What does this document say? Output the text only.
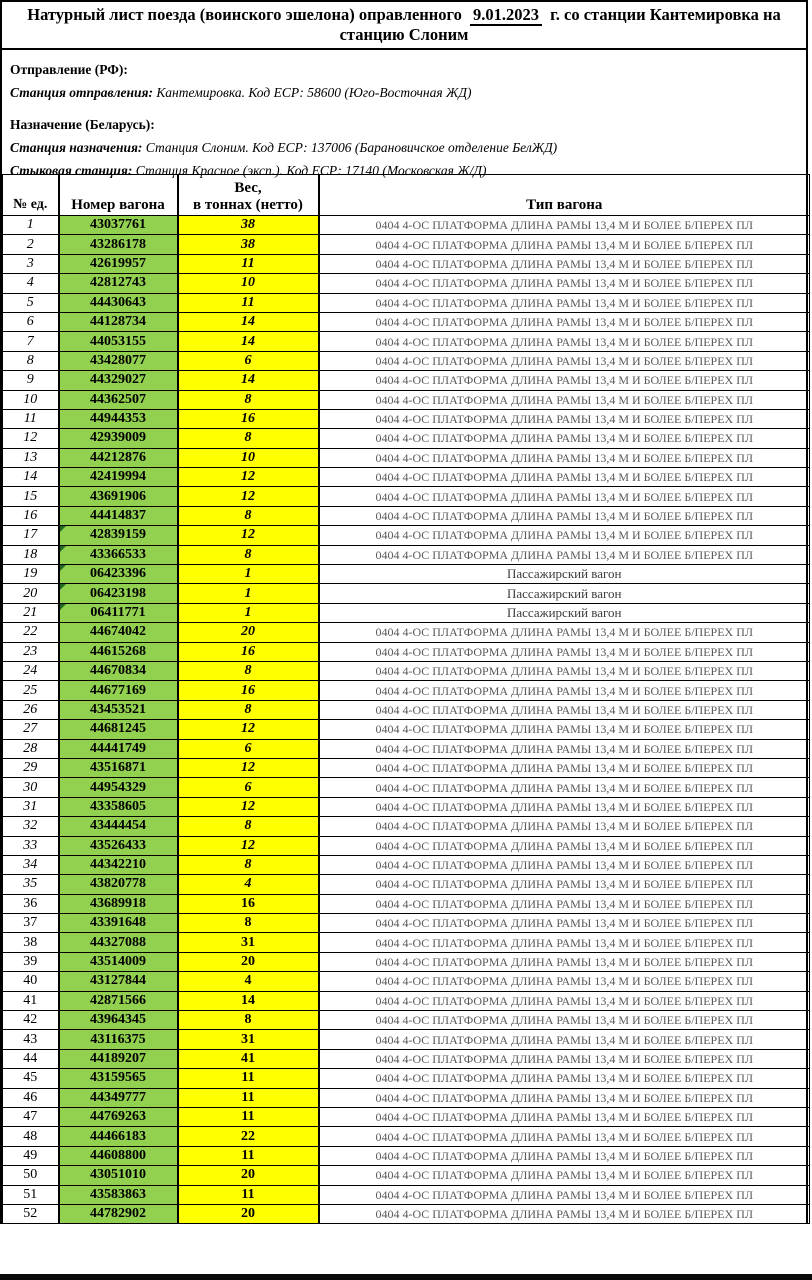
Натурный лист поезда (воинского эшелона) оправленного 9.01.2023 г. со станции Кантемировка на станцию Слоним
Отправление (РФ):
Станция отправления: Кантемировка. Код ЕСР: 58600 (Юго-Восточная ЖД)
Назначение (Беларусь):
Станция назначения: Станция Слоним. Код ЕСР: 137006 (Барановичское отделение БелЖД)
Стыковая станция: Станция Красное (эксп.). Код ЕСР: 17140 (Московская Ж/Д)
№ ед.	Номер вагона	Вес,
в тоннах (нетто)	Тип вагона
1	43037761	38	0404 4-ОС ПЛАТФОРМА ДЛИНА РАМЫ 13,4 М И БОЛЕЕ Б/ПЕРЕХ ПЛ
2	43286178	38	0404 4-ОС ПЛАТФОРМА ДЛИНА РАМЫ 13,4 М И БОЛЕЕ Б/ПЕРЕХ ПЛ
3	42619957	11	0404 4-ОС ПЛАТФОРМА ДЛИНА РАМЫ 13,4 М И БОЛЕЕ Б/ПЕРЕХ ПЛ
4	42812743	10	0404 4-ОС ПЛАТФОРМА ДЛИНА РАМЫ 13,4 М И БОЛЕЕ Б/ПЕРЕХ ПЛ
5	44430643	11	0404 4-ОС ПЛАТФОРМА ДЛИНА РАМЫ 13,4 М И БОЛЕЕ Б/ПЕРЕХ ПЛ
6	44128734	14	0404 4-ОС ПЛАТФОРМА ДЛИНА РАМЫ 13,4 М И БОЛЕЕ Б/ПЕРЕХ ПЛ
7	44053155	14	0404 4-ОС ПЛАТФОРМА ДЛИНА РАМЫ 13,4 М И БОЛЕЕ Б/ПЕРЕХ ПЛ
8	43428077	6	0404 4-ОС ПЛАТФОРМА ДЛИНА РАМЫ 13,4 М И БОЛЕЕ Б/ПЕРЕХ ПЛ
9	44329027	14	0404 4-ОС ПЛАТФОРМА ДЛИНА РАМЫ 13,4 М И БОЛЕЕ Б/ПЕРЕХ ПЛ
10	44362507	8	0404 4-ОС ПЛАТФОРМА ДЛИНА РАМЫ 13,4 М И БОЛЕЕ Б/ПЕРЕХ ПЛ
11	44944353	16	0404 4-ОС ПЛАТФОРМА ДЛИНА РАМЫ 13,4 М И БОЛЕЕ Б/ПЕРЕХ ПЛ
12	42939009	8	0404 4-ОС ПЛАТФОРМА ДЛИНА РАМЫ 13,4 М И БОЛЕЕ Б/ПЕРЕХ ПЛ
13	44212876	10	0404 4-ОС ПЛАТФОРМА ДЛИНА РАМЫ 13,4 М И БОЛЕЕ Б/ПЕРЕХ ПЛ
14	42419994	12	0404 4-ОС ПЛАТФОРМА ДЛИНА РАМЫ 13,4 М И БОЛЕЕ Б/ПЕРЕХ ПЛ
15	43691906	12	0404 4-ОС ПЛАТФОРМА ДЛИНА РАМЫ 13,4 М И БОЛЕЕ Б/ПЕРЕХ ПЛ
16	44414837	8	0404 4-ОС ПЛАТФОРМА ДЛИНА РАМЫ 13,4 М И БОЛЕЕ Б/ПЕРЕХ ПЛ
17	42839159	12	0404 4-ОС ПЛАТФОРМА ДЛИНА РАМЫ 13,4 М И БОЛЕЕ Б/ПЕРЕХ ПЛ
18	43366533	8	0404 4-ОС ПЛАТФОРМА ДЛИНА РАМЫ 13,4 М И БОЛЕЕ Б/ПЕРЕХ ПЛ
19	06423396	1	Пассажирский вагон
20	06423198	1	Пассажирский вагон
21	06411771	1	Пассажирский вагон
22	44674042	20	0404 4-ОС ПЛАТФОРМА ДЛИНА РАМЫ 13,4 М И БОЛЕЕ Б/ПЕРЕХ ПЛ
23	44615268	16	0404 4-ОС ПЛАТФОРМА ДЛИНА РАМЫ 13,4 М И БОЛЕЕ Б/ПЕРЕХ ПЛ
24	44670834	8	0404 4-ОС ПЛАТФОРМА ДЛИНА РАМЫ 13,4 М И БОЛЕЕ Б/ПЕРЕХ ПЛ
25	44677169	16	0404 4-ОС ПЛАТФОРМА ДЛИНА РАМЫ 13,4 М И БОЛЕЕ Б/ПЕРЕХ ПЛ
26	43453521	8	0404 4-ОС ПЛАТФОРМА ДЛИНА РАМЫ 13,4 М И БОЛЕЕ Б/ПЕРЕХ ПЛ
27	44681245	12	0404 4-ОС ПЛАТФОРМА ДЛИНА РАМЫ 13,4 М И БОЛЕЕ Б/ПЕРЕХ ПЛ
28	44441749	6	0404 4-ОС ПЛАТФОРМА ДЛИНА РАМЫ 13,4 М И БОЛЕЕ Б/ПЕРЕХ ПЛ
29	43516871	12	0404 4-ОС ПЛАТФОРМА ДЛИНА РАМЫ 13,4 М И БОЛЕЕ Б/ПЕРЕХ ПЛ
30	44954329	6	0404 4-ОС ПЛАТФОРМА ДЛИНА РАМЫ 13,4 М И БОЛЕЕ Б/ПЕРЕХ ПЛ
31	43358605	12	0404 4-ОС ПЛАТФОРМА ДЛИНА РАМЫ 13,4 М И БОЛЕЕ Б/ПЕРЕХ ПЛ
32	43444454	8	0404 4-ОС ПЛАТФОРМА ДЛИНА РАМЫ 13,4 М И БОЛЕЕ Б/ПЕРЕХ ПЛ
33	43526433	12	0404 4-ОС ПЛАТФОРМА ДЛИНА РАМЫ 13,4 М И БОЛЕЕ Б/ПЕРЕХ ПЛ
34	44342210	8	0404 4-ОС ПЛАТФОРМА ДЛИНА РАМЫ 13,4 М И БОЛЕЕ Б/ПЕРЕХ ПЛ
35	43820778	4	0404 4-ОС ПЛАТФОРМА ДЛИНА РАМЫ 13,4 М И БОЛЕЕ Б/ПЕРЕХ ПЛ
36	43689918	16	0404 4-ОС ПЛАТФОРМА ДЛИНА РАМЫ 13,4 М И БОЛЕЕ Б/ПЕРЕХ ПЛ
37	43391648	8	0404 4-ОС ПЛАТФОРМА ДЛИНА РАМЫ 13,4 М И БОЛЕЕ Б/ПЕРЕХ ПЛ
38	44327088	31	0404 4-ОС ПЛАТФОРМА ДЛИНА РАМЫ 13,4 М И БОЛЕЕ Б/ПЕРЕХ ПЛ
39	43514009	20	0404 4-ОС ПЛАТФОРМА ДЛИНА РАМЫ 13,4 М И БОЛЕЕ Б/ПЕРЕХ ПЛ
40	43127844	4	0404 4-ОС ПЛАТФОРМА ДЛИНА РАМЫ 13,4 М И БОЛЕЕ Б/ПЕРЕХ ПЛ
41	42871566	14	0404 4-ОС ПЛАТФОРМА ДЛИНА РАМЫ 13,4 М И БОЛЕЕ Б/ПЕРЕХ ПЛ
42	43964345	8	0404 4-ОС ПЛАТФОРМА ДЛИНА РАМЫ 13,4 М И БОЛЕЕ Б/ПЕРЕХ ПЛ
43	43116375	31	0404 4-ОС ПЛАТФОРМА ДЛИНА РАМЫ 13,4 М И БОЛЕЕ Б/ПЕРЕХ ПЛ
44	44189207	41	0404 4-ОС ПЛАТФОРМА ДЛИНА РАМЫ 13,4 М И БОЛЕЕ Б/ПЕРЕХ ПЛ
45	43159565	11	0404 4-ОС ПЛАТФОРМА ДЛИНА РАМЫ 13,4 М И БОЛЕЕ Б/ПЕРЕХ ПЛ
46	44349777	11	0404 4-ОС ПЛАТФОРМА ДЛИНА РАМЫ 13,4 М И БОЛЕЕ Б/ПЕРЕХ ПЛ
47	44769263	11	0404 4-ОС ПЛАТФОРМА ДЛИНА РАМЫ 13,4 М И БОЛЕЕ Б/ПЕРЕХ ПЛ
48	44466183	22	0404 4-ОС ПЛАТФОРМА ДЛИНА РАМЫ 13,4 М И БОЛЕЕ Б/ПЕРЕХ ПЛ
49	44608800	11	0404 4-ОС ПЛАТФОРМА ДЛИНА РАМЫ 13,4 М И БОЛЕЕ Б/ПЕРЕХ ПЛ
50	43051010	20	0404 4-ОС ПЛАТФОРМА ДЛИНА РАМЫ 13,4 М И БОЛЕЕ Б/ПЕРЕХ ПЛ
51	43583863	11	0404 4-ОС ПЛАТФОРМА ДЛИНА РАМЫ 13,4 М И БОЛЕЕ Б/ПЕРЕХ ПЛ
52	44782902	20	0404 4-ОС ПЛАТФОРМА ДЛИНА РАМЫ 13,4 М И БОЛЕЕ Б/ПЕРЕХ ПЛ
